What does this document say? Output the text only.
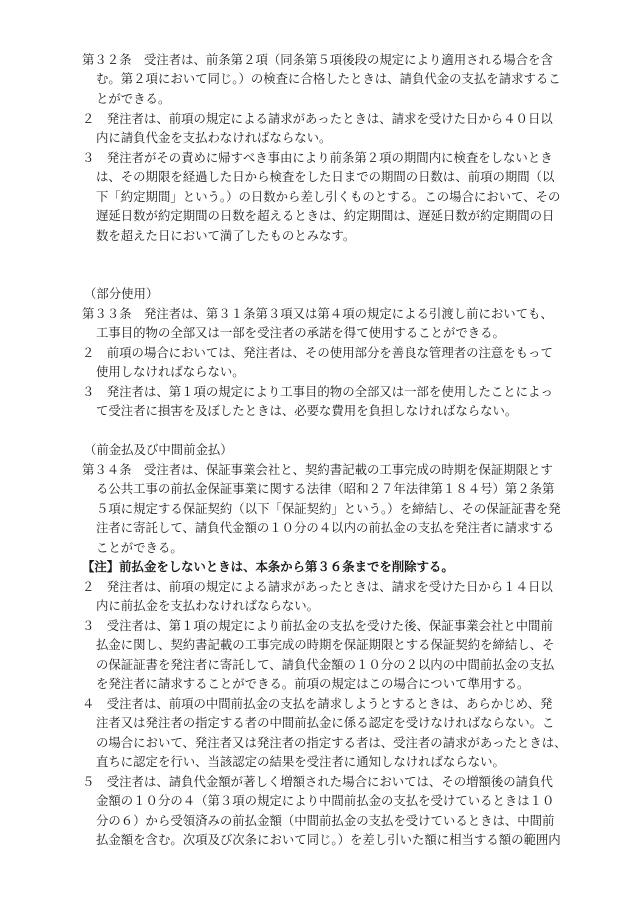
第３２条　受注者は、前条第２項（同条第５項後段の規定により適用される場合を含
む。第２項において同じ。）の検査に合格したときは、請負代金の支払を請求するこ
とができる。
２　発注者は、前項の規定による請求があったときは、請求を受けた日から４０日以
内に請負代金を支払わなければならない。
３　発注者がその責めに帰すべき事由により前条第２項の期間内に検査をしないとき
は、その期限を経過した日から検査をした日までの期間の日数は、前項の期間（以
下「約定期間」という。）の日数から差し引くものとする。この場合において、その
遅延日数が約定期間の日数を超えるときは、約定期間は、遅延日数が約定期間の日
数を超えた日において満了したものとみなす。
（部分使用）
第３３条　発注者は、第３１条第３項又は第４項の規定による引渡し前においても、
工事目的物の全部又は一部を受注者の承諾を得て使用することができる。
２　前項の場合においては、発注者は、その使用部分を善良な管理者の注意をもって
使用しなければならない。
３　発注者は、第１項の規定により工事目的物の全部又は一部を使用したことによっ
て受注者に損害を及ぼしたときは、必要な費用を負担しなければならない。
（前金払及び中間前金払）
第３４条　受注者は、保証事業会社と、契約書記載の工事完成の時期を保証期限とす
る公共工事の前払金保証事業に関する法律（昭和２７年法律第１８４号）第２条第
５項に規定する保証契約（以下「保証契約」という。）を締結し、その保証証書を発
注者に寄託して、請負代金額の１０分の４以内の前払金の支払を発注者に請求する
ことができる。
【注】前払金をしないときは、本条から第３６条までを削除する。
２　発注者は、前項の規定による請求があったときは、請求を受けた日から１４日以
内に前払金を支払わなければならない。
３　受注者は、第１項の規定により前払金の支払を受けた後、保証事業会社と中間前
払金に関し、契約書記載の工事完成の時期を保証期限とする保証契約を締結し、そ
の保証証書を発注者に寄託して、請負代金額の１０分の２以内の中間前払金の支払
を発注者に請求することができる。前項の規定はこの場合について準用する。
４　受注者は、前項の中間前払金の支払を請求しようとするときは、あらかじめ、発
注者又は発注者の指定する者の中間前払金に係る認定を受けなければならない。こ
の場合において、発注者又は発注者の指定する者は、受注者の請求があったときは、
直ちに認定を行い、当該認定の結果を受注者に通知しなければならない。
５　受注者は、請負代金額が著しく増額された場合においては、その増額後の請負代
金額の１０分の４（第３項の規定により中間前払金の支払を受けているときは１０
分の６）から受領済みの前払金額（中間前払金の支払を受けているときは、中間前
払金額を含む。次項及び次条において同じ。）を差し引いた額に相当する額の範囲内
